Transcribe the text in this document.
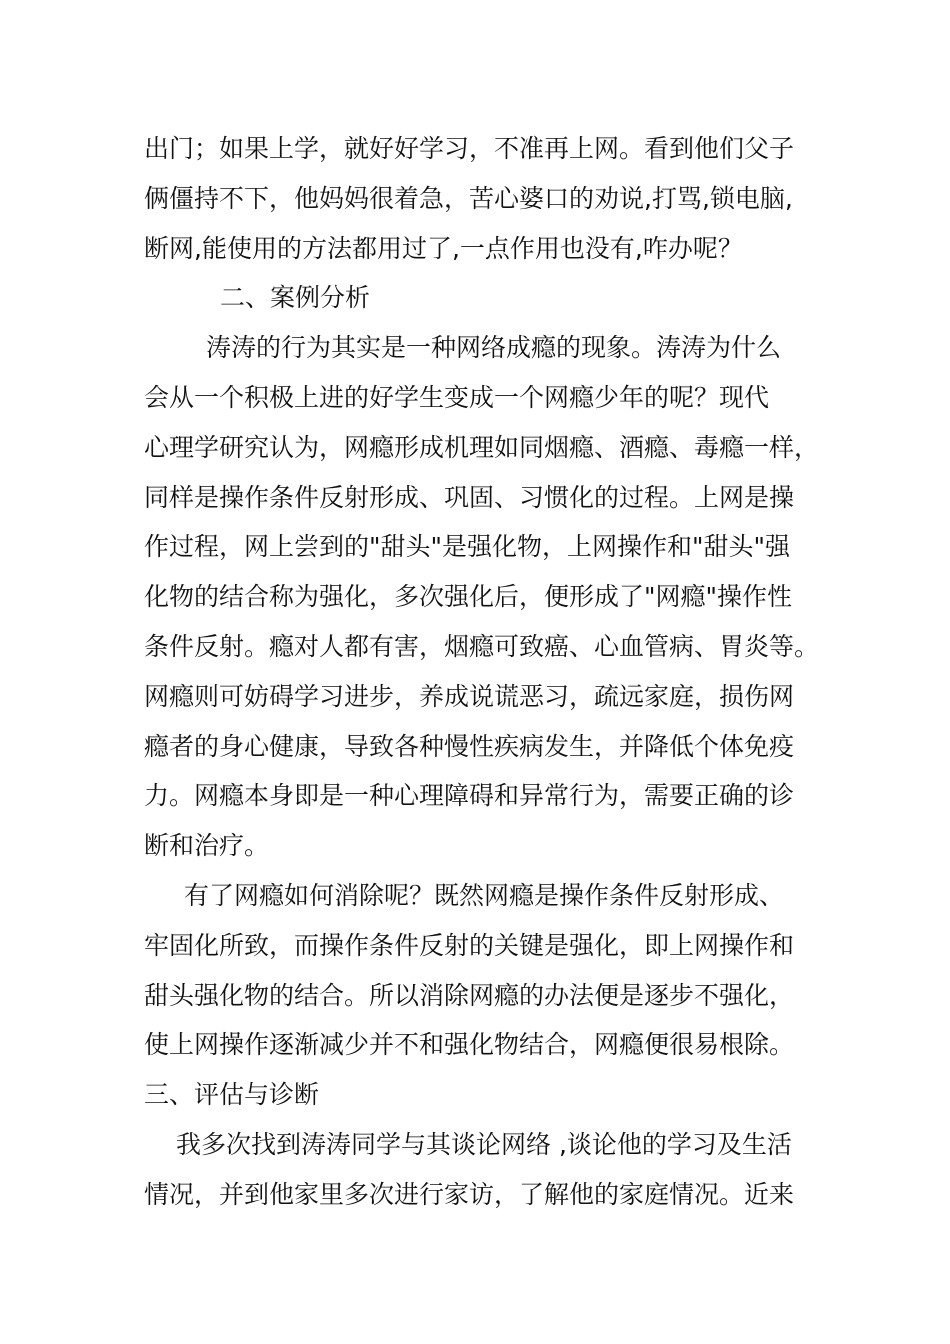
出门；如果上学，就好好学习，不准再上网。看到他们父子
俩僵持不下，他妈妈很着急，苦心婆口的劝说,打骂,锁电脑,
断网,能使用的方法都用过了,一点作用也没有,咋办呢？
二、案例分析
涛涛的行为其实是一种网络成瘾的现象。涛涛为什么
会从一个积极上进的好学生变成一个网瘾少年的呢？现代
心理学研究认为，网瘾形成机理如同烟瘾、酒瘾、毒瘾一样，
同样是操作条件反射形成、巩固、习惯化的过程。上网是操
作过程，网上尝到的"甜头"是强化物，上网操作和"甜头"强
化物的结合称为强化，多次强化后，便形成了"网瘾"操作性
条件反射。瘾对人都有害，烟瘾可致癌、心血管病、胃炎等。
网瘾则可妨碍学习进步，养成说谎恶习，疏远家庭，损伤网
瘾者的身心健康，导致各种慢性疾病发生，并降低个体免疫
力。网瘾本身即是一种心理障碍和异常行为，需要正确的诊
断和治疗。
有了网瘾如何消除呢？既然网瘾是操作条件反射形成、
牢固化所致，而操作条件反射的关键是强化，即上网操作和
甜头强化物的结合。所以消除网瘾的办法便是逐步不强化，
使上网操作逐渐减少并不和强化物结合，网瘾便很易根除。
三、评估与诊断
我多次找到涛涛同学与其谈论网络 ,谈论他的学习及生活
情况，并到他家里多次进行家访，了解他的家庭情况。近来
